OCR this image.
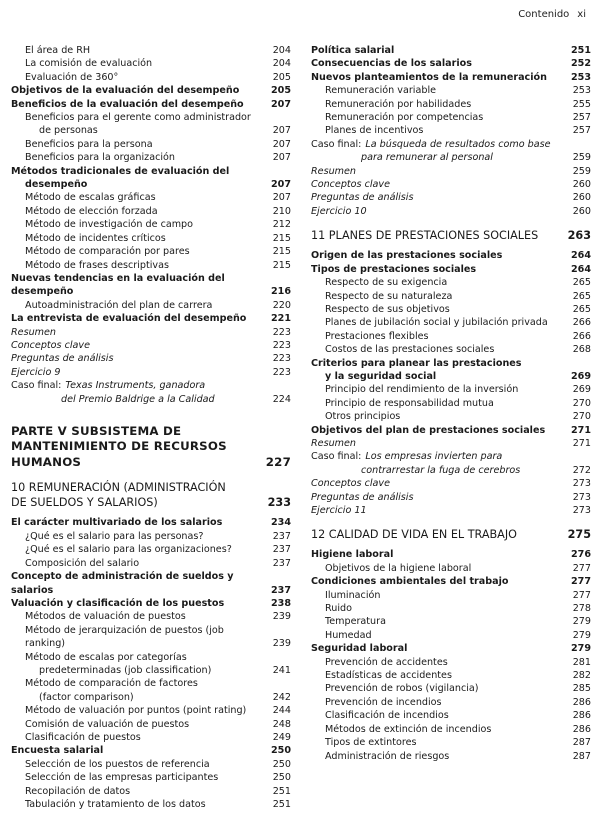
Contenido xi
El área de RH	204
La comisión de evaluación	204
Evaluación de 360°	205
Objetivos de la evaluación del desempeño	205
Beneficios de la evaluación del desempeño	207
Beneficios para el gerente como administrador
de personas	207
Beneficios para la persona	207
Beneficios para la organización	207
Métodos tradicionales de evaluación del
desempeño	207
Método de escalas gráficas	207
Método de elección forzada	210
Método de investigación de campo	212
Método de incidentes críticos	215
Método de comparación por pares	215
Método de frases descriptivas	215
Nuevas tendencias en la evaluación del desempeño	216
Autoadministración del plan de carrera	220
La entrevista de evaluación del desempeño	221
Resumen	223
Conceptos clave	223
Preguntas de análisis	223
Ejercicio 9	223
Caso final: Texas Instruments, ganadora
del Premio Baldrige a la Calidad	224
PARTE V SUBSISTEMA DE
MANTENIMIENTO DE RECURSOS
HUMANOS	227
10 REMUNERACIÓN (ADMINISTRACIÓN
DE SUELDOS Y SALARIOS)	233
El carácter multivariado de los salarios	234
¿Qué es el salario para las personas?	237
¿Qué es el salario para las organizaciones?	237
Composición del salario	237
Concepto de administración de sueldos y salarios	237
Valuación y clasificación de los puestos	238
Métodos de valuación de puestos	239
Método de jerarquización de puestos (job ranking)	239
Método de escalas por categorías
predeterminadas (job classification)	241
Método de comparación de factores
(factor comparison)	242
Método de valuación por puntos (point rating)	244
Comisión de valuación de puestos	248
Clasificación de puestos	249
Encuesta salarial	250
Selección de los puestos de referencia	250
Selección de las empresas participantes	250
Recopilación de datos	251
Tabulación y tratamiento de los datos	251
Política salarial	251
Consecuencias de los salarios	252
Nuevos planteamientos de la remuneración	253
Remuneración variable	253
Remuneración por habilidades	255
Remuneración por competencias	257
Planes de incentivos	257
Caso final: La búsqueda de resultados como base
para remunerar al personal	259
Resumen	259
Conceptos clave	260
Preguntas de análisis	260
Ejercicio 10	260
11 PLANES DE PRESTACIONES SOCIALES	263
Origen de las prestaciones sociales	264
Tipos de prestaciones sociales	264
Respecto de su exigencia	265
Respecto de su naturaleza	265
Respecto de sus objetivos	265
Planes de jubilación social y jubilación privada	266
Prestaciones flexibles	266
Costos de las prestaciones sociales	268
Criterios para planear las prestaciones
y la seguridad social	269
Principio del rendimiento de la inversión	269
Principio de responsabilidad mutua	270
Otros principios	270
Objetivos del plan de prestaciones sociales	271
Resumen	271
Caso final: Los empresas invierten para
contrarrestar la fuga de cerebros	272
Conceptos clave	273
Preguntas de análisis	273
Ejercicio 11	273
12 CALIDAD DE VIDA EN EL TRABAJO	275
Higiene laboral	276
Objetivos de la higiene laboral	277
Condiciones ambientales del trabajo	277
Iluminación	277
Ruido	278
Temperatura	279
Humedad	279
Seguridad laboral	279
Prevención de accidentes	281
Estadísticas de accidentes	282
Prevención de robos (vigilancia)	285
Prevención de incendios	286
Clasificación de incendios	286
Métodos de extinción de incendios	286
Tipos de extintores	287
Administración de riesgos	287
